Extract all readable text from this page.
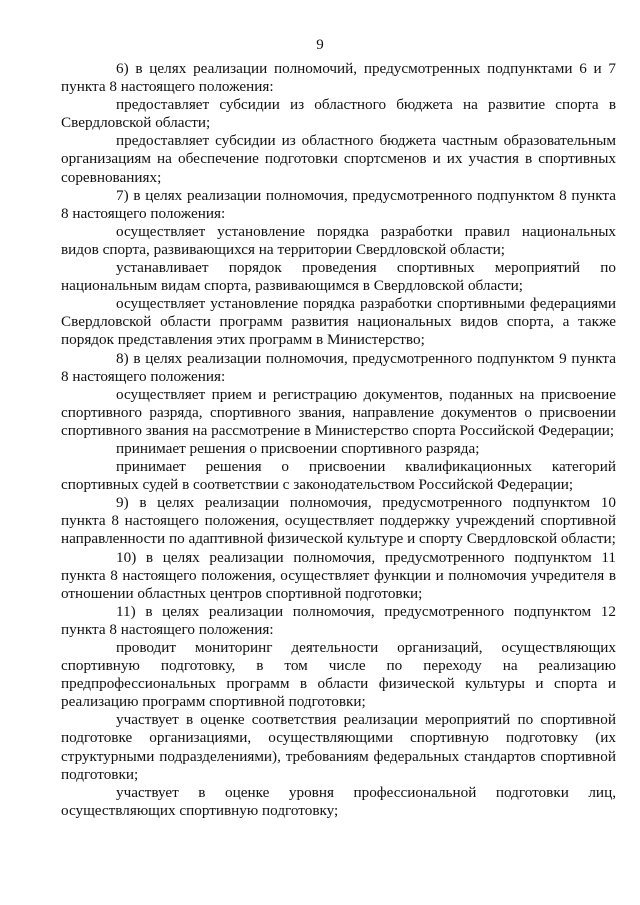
9

6) в целях реализации полномочий, предусмотренных подпунктами 6 и 7 пункта 8 настоящего положения:

предоставляет субсидии из областного бюджета на развитие спорта в Свердловской области;

предоставляет субсидии из областного бюджета частным образовательным организациям на обеспечение подготовки спортсменов и их участия в спортивных соревнованиях;

7) в целях реализации полномочия, предусмотренного подпунктом 8 пункта 8 настоящего положения:

осуществляет установление порядка разработки правил национальных видов спорта, развивающихся на территории Свердловской области;

устанавливает порядок проведения спортивных мероприятий по национальным видам спорта, развивающимся в Свердловской области;

осуществляет установление порядка разработки спортивными федерациями Свердловской области программ развития национальных видов спорта, а также порядок представления этих программ в Министерство;

8) в целях реализации полномочия, предусмотренного подпунктом 9 пункта 8 настоящего положения:

осуществляет прием и регистрацию документов, поданных на присвоение спортивного разряда, спортивного звания, направление документов о присвоении спортивного звания на рассмотрение в Министерство спорта Российской Федерации;

принимает решения о присвоении спортивного разряда;

принимает решения о присвоении квалификационных категорий спортивных судей в соответствии с законодательством Российской Федерации;

9) в целях реализации полномочия, предусмотренного подпунктом 10 пункта 8 настоящего положения, осуществляет поддержку учреждений спортивной направленности по адаптивной физической культуре и спорту Свердловской области;

10) в целях реализации полномочия, предусмотренного подпунктом 11 пункта 8 настоящего положения, осуществляет функции и полномочия учредителя в отношении областных центров спортивной подготовки;

11) в целях реализации полномочия, предусмотренного подпунктом 12 пункта 8 настоящего положения:

проводит мониторинг деятельности организаций, осуществляющих спортивную подготовку, в том числе по переходу на реализацию предпрофессиональных программ в области физической культуры и спорта и реализацию программ спортивной подготовки;

участвует в оценке соответствия реализации мероприятий по спортивной подготовке организациями, осуществляющими спортивную подготовку (их структурными подразделениями), требованиям федеральных стандартов спортивной подготовки;

участвует в оценке уровня профессиональной подготовки лиц, осуществляющих спортивную подготовку;
